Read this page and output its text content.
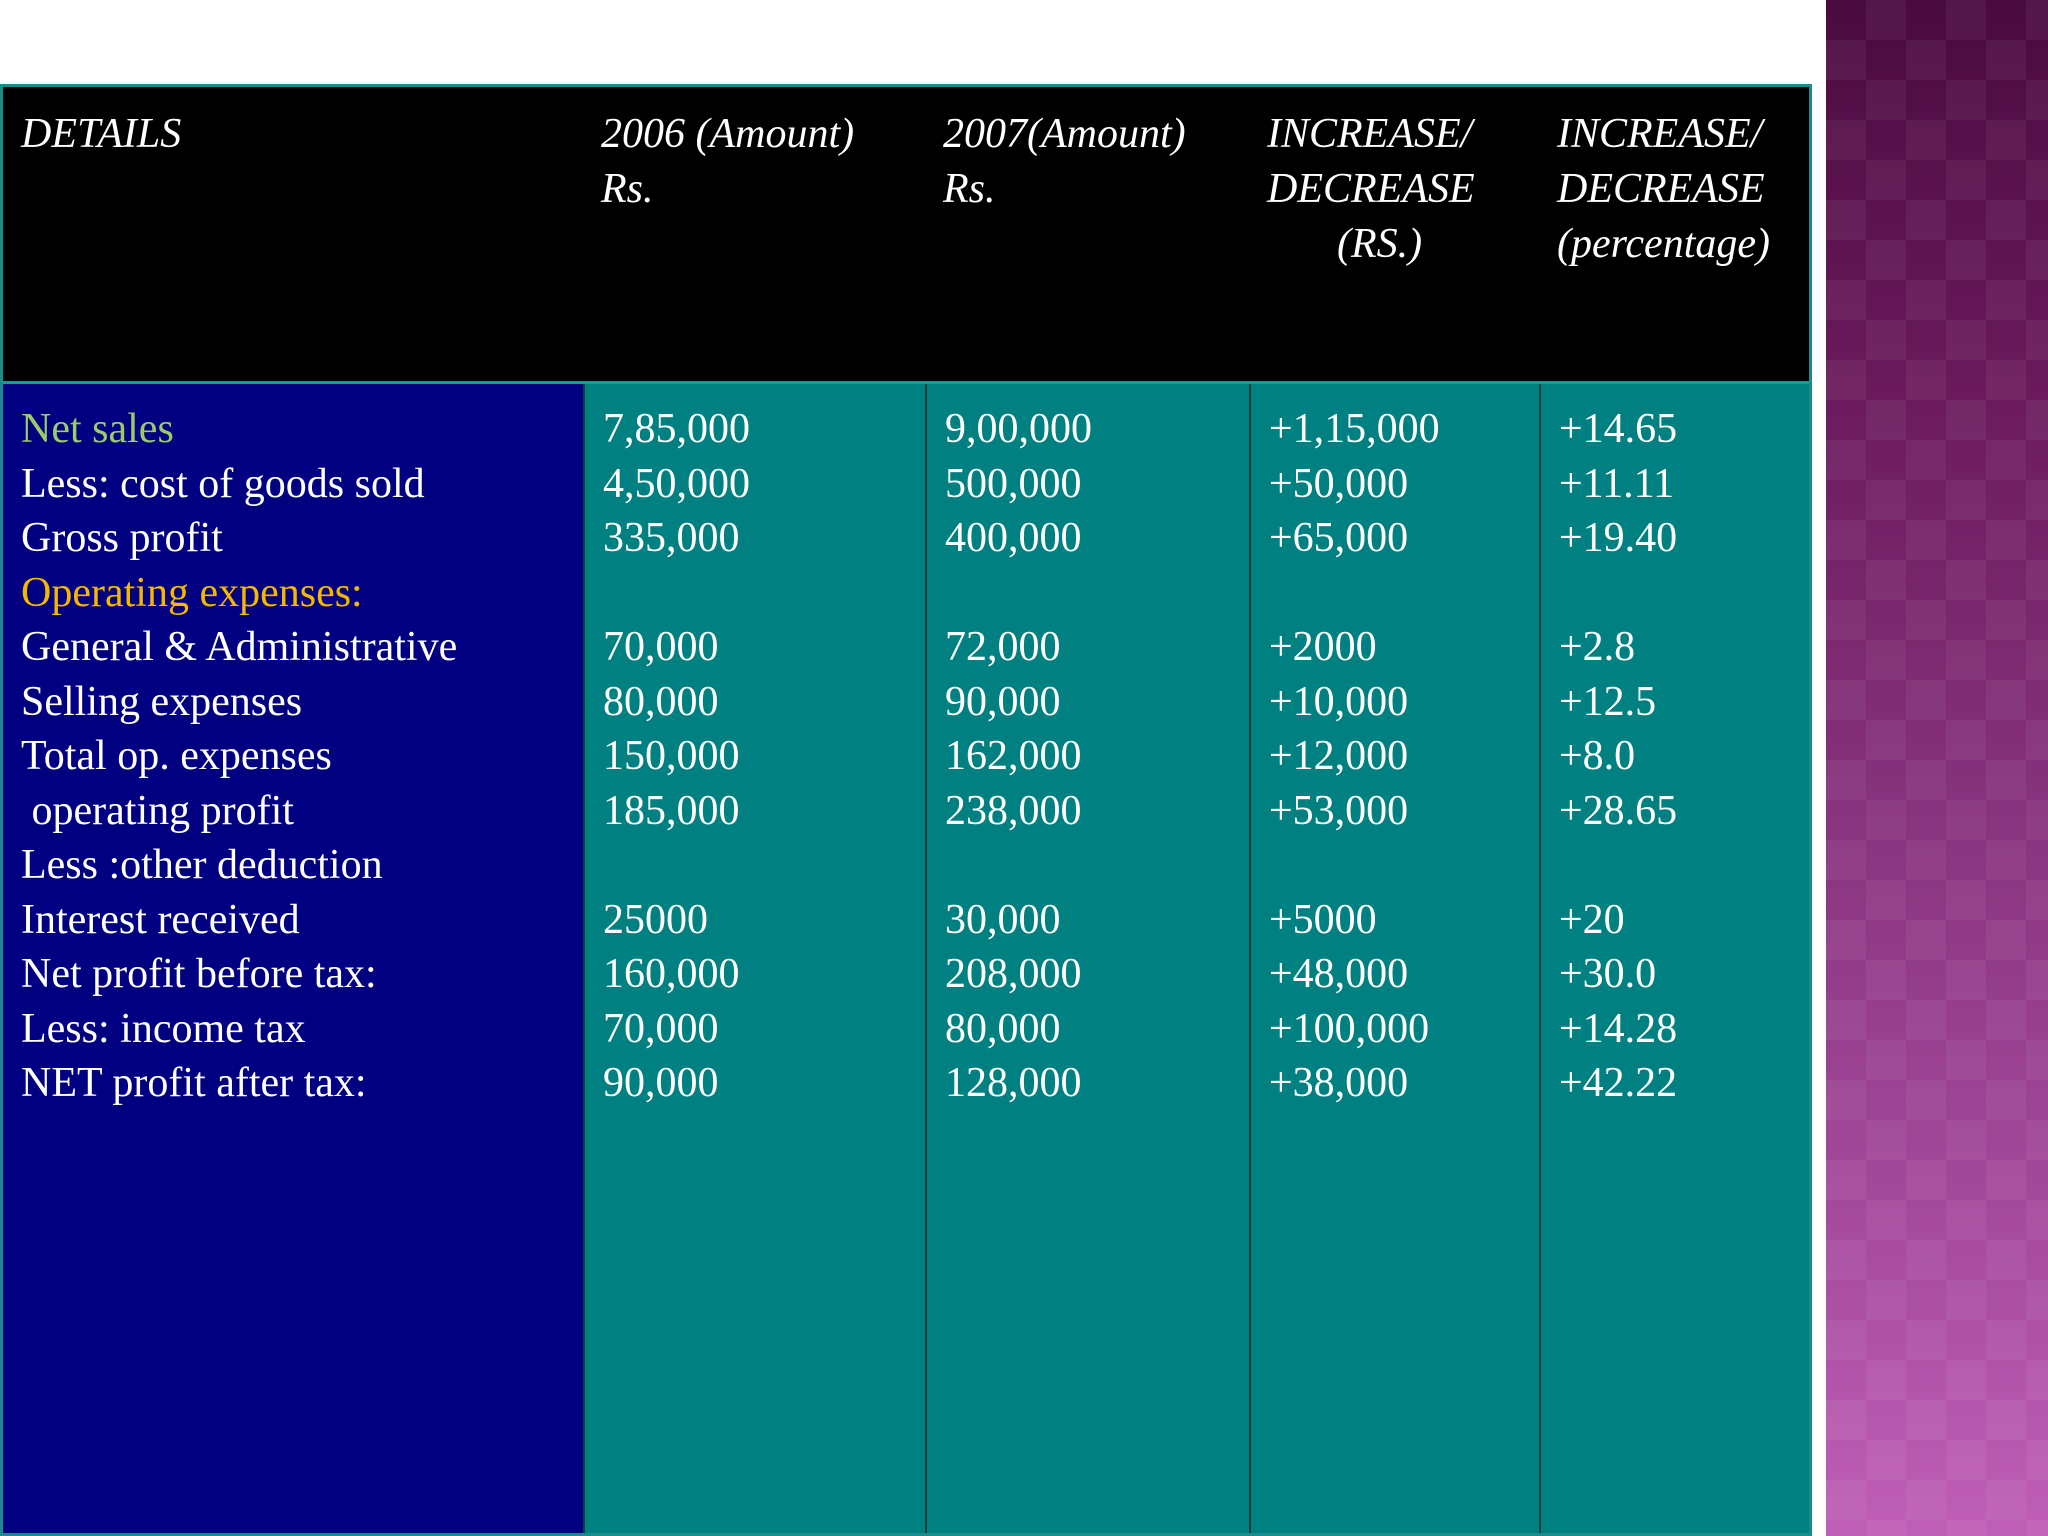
DETAILS	2006 (Amount)
Rs.
2007(Amount)
Rs.
INCREASE/
DECREASE
(RS.)
INCREASE/
DECREASE
(percentage)
Net sales
Less: cost of goods sold
Gross profit
Operating expenses:
General & Administrative
Selling expenses
Total op. expenses
operating profit
Less :other deduction
Interest received
Net profit before tax:
Less: income tax
NET profit after tax:
7,85,000
4,50,000
335,000
70,000
80,000
150,000
185,000
25000
160,000
70,000
90,000
9,00,000
500,000
400,000
72,000
90,000
162,000
238,000
30,000
208,000
80,000
128,000
+1,15,000
+50,000
+65,000
+2000
+10,000
+12,000
+53,000
+5000
+48,000
+100,000
+38,000
+14.65
+11.11
+19.40
+2.8
+12.5
+8.0
+28.65
+20
+30.0
+14.28
+42.22
